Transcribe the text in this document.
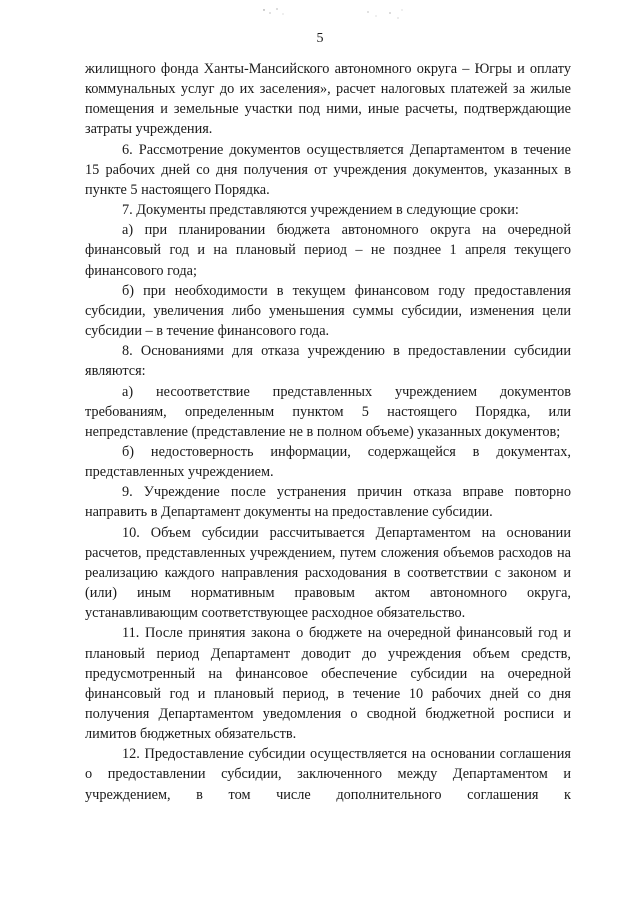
5

жилищного фонда Ханты-Мансийского автономного округа – Югры и оплату коммунальных услуг до их заселения», расчет налоговых платежей за жилые помещения и земельные участки под ними, иные расчеты, подтверждающие затраты учреждения.

6. Рассмотрение документов осуществляется Департаментом в течение 15 рабочих дней со дня получения от учреждения документов, указанных в пункте 5 настоящего Порядка.

7. Документы представляются учреждением в следующие сроки:

а) при планировании бюджета автономного округа на очередной финансовый год и на плановый период – не позднее 1 апреля текущего финансового года;

б) при необходимости в текущем финансовом году предоставления субсидии, увеличения либо уменьшения суммы субсидии, изменения цели субсидии – в течение финансового года.

8. Основаниями для отказа учреждению в предоставлении субсидии являются:

а) несоответствие представленных учреждением документов требованиям, определенным пунктом 5 настоящего Порядка, или непредставление (представление не в полном объеме) указанных документов;

б) недостоверность информации, содержащейся в документах, представленных учреждением.

9. Учреждение после устранения причин отказа вправе повторно направить в Департамент документы на предоставление субсидии.

10. Объем субсидии рассчитывается Департаментом на основании расчетов, представленных учреждением, путем сложения объемов расходов на реализацию каждого направления расходования в соответствии с законом и (или) иным нормативным правовым актом автономного округа, устанавливающим соответствующее расходное обязательство.

11. После принятия закона о бюджете на очередной финансовый год и плановый период Департамент доводит до учреждения объем средств, предусмотренный на финансовое обеспечение субсидии на очередной финансовый год и плановый период, в течение 10 рабочих дней со дня получения Департаментом уведомления о сводной бюджетной росписи и лимитов бюджетных обязательств.

12. Предоставление субсидии осуществляется на основании соглашения о предоставлении субсидии, заключенного между Департаментом и учреждением, в том числе дополнительного соглашения к
